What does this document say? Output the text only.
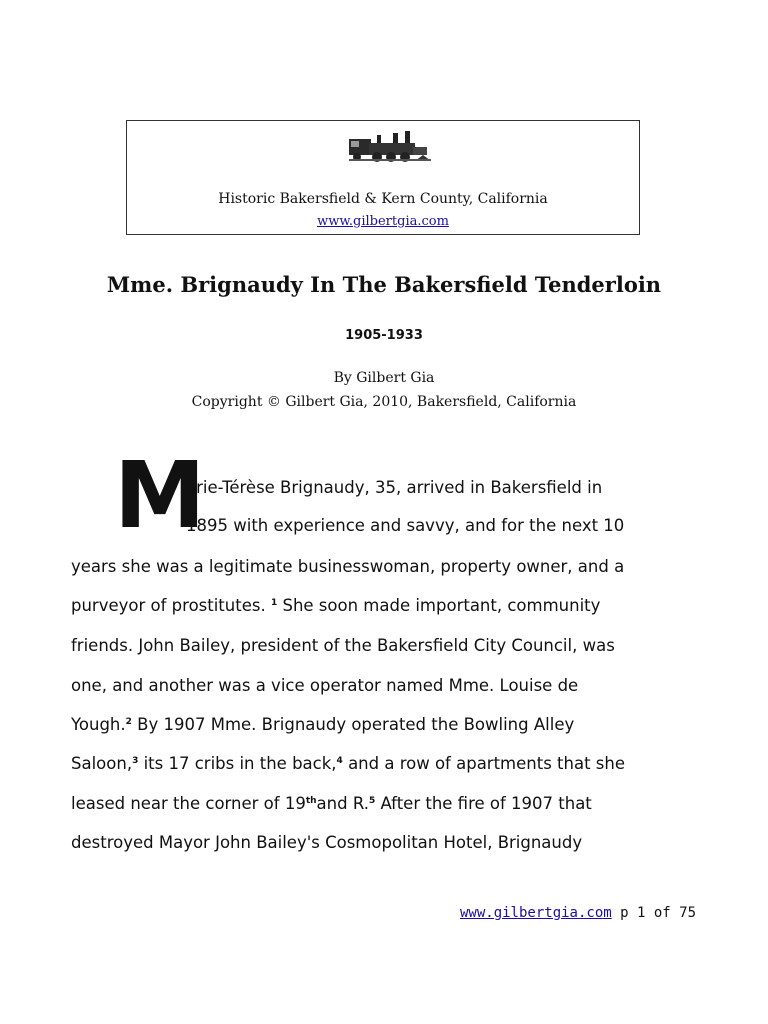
Historic Bakersfield & Kern County, California
www.gilbertgia.com
Mme. Brignaudy In The Bakersfield Tenderloin
1905-1933
By Gilbert Gia
Copyright © Gilbert Gia, 2010, Bakersfield, California
M
arie-Térèse Brignaudy, 35, arrived in Bakersfield in
1895 with experience and savvy, and for the next 10
years she was a legitimate businesswoman, property owner, and a
purveyor of prostitutes. $^1$ She soon made important, community
friends. John Bailey, president of the Bakersfield City Council, was
one, and another was a vice operator named Mme. Louise de
Yough.$^2$ By 1907 Mme. Brignaudy operated the Bowling Alley
Saloon,$^3$ its 17 cribs in the back,$^4$ and a row of apartments that she
leased near the corner of 19thand R.$^5$ After the fire of 1907 that
destroyed Mayor John Bailey's Cosmopolitan Hotel, Brignaudy
www.gilbertgia.com p 1 of 75
